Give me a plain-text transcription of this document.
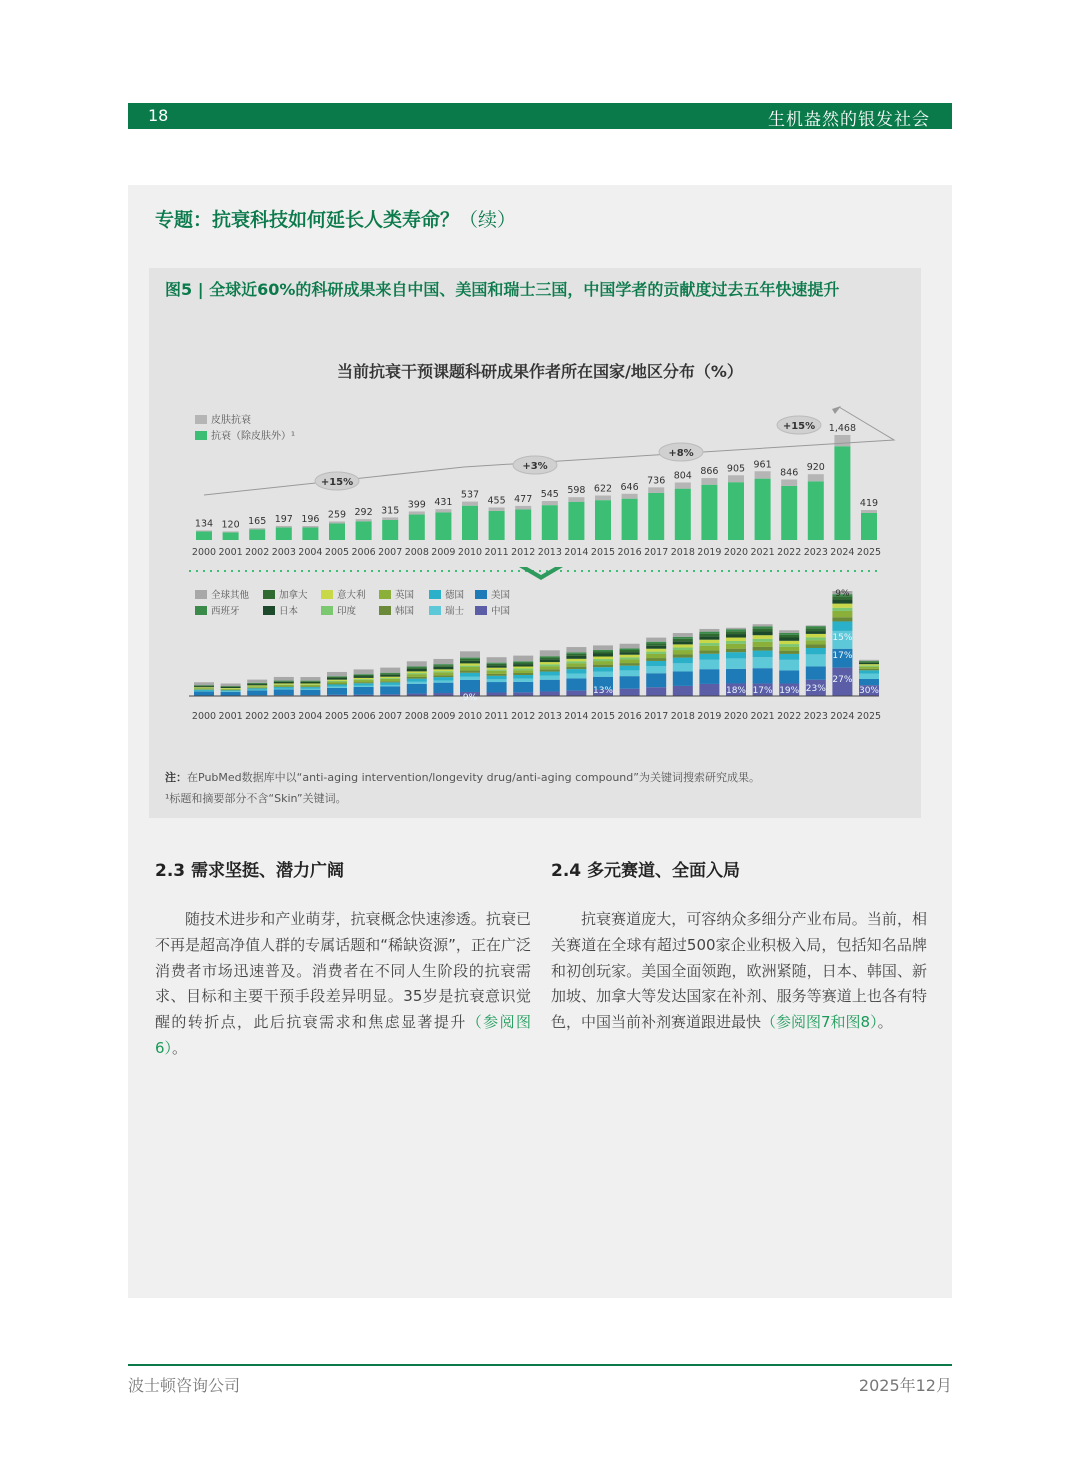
18	生机盎然的银发社会
专题：抗衰科技如何延长人类寿命？（续）
图5 | 全球近60%的科研成果来自中国、美国和瑞士三国，中国学者的贡献度过去五年快速提升
当前抗衰干预课题科研成果作者所在国家/地区分布（%）
皮肤抗衰
抗衰（除皮肤外）¹
134
2000
120
2001
165
2002
197
2003
196
2004
259
2005
292
2006
315
2007
399
2008
431
2009
537
2010
455
2011
477
2012
545
2013
598
2014
622
2015
646
2016
736
2017
804
2018
866
2019
905
2020
961
2021
846
2022
920
2023
1,468
2024
419
2025
+15%
+3%
+8%
+15%
全球其他	加拿大	意大利	英国	德国	美国
西班牙	日本	印度	韩国	瑞士	中国
2000 2001 2002 2003 2004 2005 2006 2007 2008 2009 2010 2011 2012 2013 2014 2015 2016 2017 2018 2019 2020 2021 2022 2023 2024 2025
9%
13%	18% 17% 19% 23%
27%
17%
15%
9%
30%
注：在PubMed数据库中以“anti-aging intervention/longevity drug/anti-aging compound”为关键词搜索研究成果。
¹标题和摘要部分不含“Skin”关键词。
2.3 需求坚挺、潜力广阔	2.4 多元赛道、全面入局
随技术进步和产业萌芽，抗衰概念快速渗透。抗衰已不再是超高净值人群的专属话题和“稀缺资源”，正在广泛消费者市场迅速普及。消费者在不同人生阶段的抗衰需求、目标和主要干预手段差异明显。35岁是抗衰意识觉醒的转折点，此后抗衰需求和焦虑显著提升（参阅图6）。
抗衰赛道庞大，可容纳众多细分产业布局。当前，相关赛道在全球有超过500家企业积极入局，包括知名品牌和初创玩家。美国全面领跑，欧洲紧随，日本、韩国、新加坡、加拿大等发达国家在补剂、服务等赛道上也各有特色，中国当前补剂赛道跟进最快（参阅图7和图8）。
波士顿咨询公司	2025年12月
